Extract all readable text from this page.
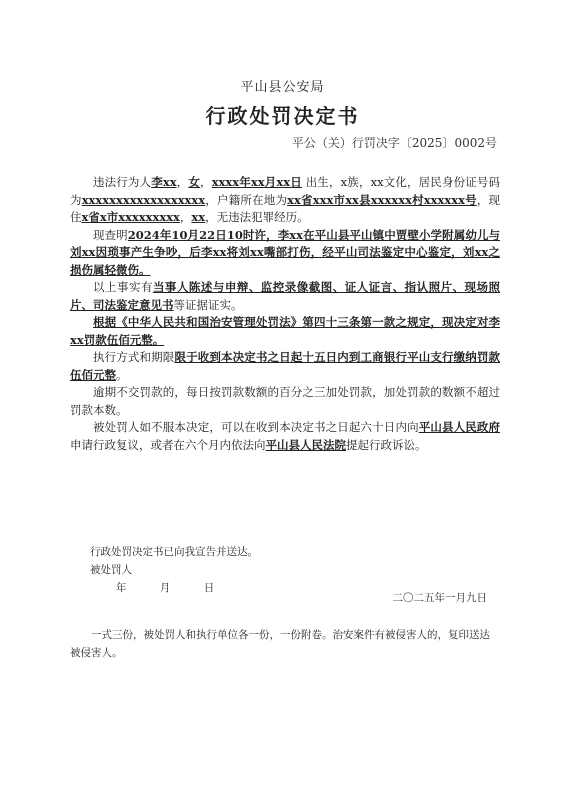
平山县公安局
行政处罚决定书
平公（关）行罚决字〔2025〕0002号

违法行为人李xx，女，xxxx年xx月xx日 出生，x族，xx文化，居民身份证号码为xxxxxxxxxxxxxxxxxx，户籍所在地为xx省xxx市xx县xxxxxx村xxxxxx号，现住x省x市xxxxxxxxx，xx，无违法犯罪经历。

现查明2024年10月22日10时许，李xx在平山县平山镇中贾壁小学附属幼儿与刘xx因琐事产生争吵，后李xx将刘xx嘴部打伤，经平山司法鉴定中心鉴定，刘xx之损伤属轻微伤。

以上事实有当事人陈述与申辩、监控录像截图、证人证言、指认照片、现场照片、司法鉴定意见书等证据证实。

根据《中华人民共和国治安管理处罚法》第四十三条第一款之规定，现决定对李xx罚款伍佰元整。

执行方式和期限限于收到本决定书之日起十五日内到工商银行平山支行缴纳罚款伍佰元整。

逾期不交罚款的，每日按罚款数额的百分之三加处罚款，加处罚款的数额不超过罚款本数。

被处罚人如不服本决定，可以在收到本决定书之日起六十日内向平山县人民政府 申请行政复议，或者在六个月内依法向平山县人民法院提起行政诉讼。

行政处罚决定书已向我宣告并送达。
被处罚人
年	月	日
二〇二五年一月九日
一式三份，被处罚人和执行单位各一份，一份附卷。治安案件有被侵害人的，复印送达被侵害人。
